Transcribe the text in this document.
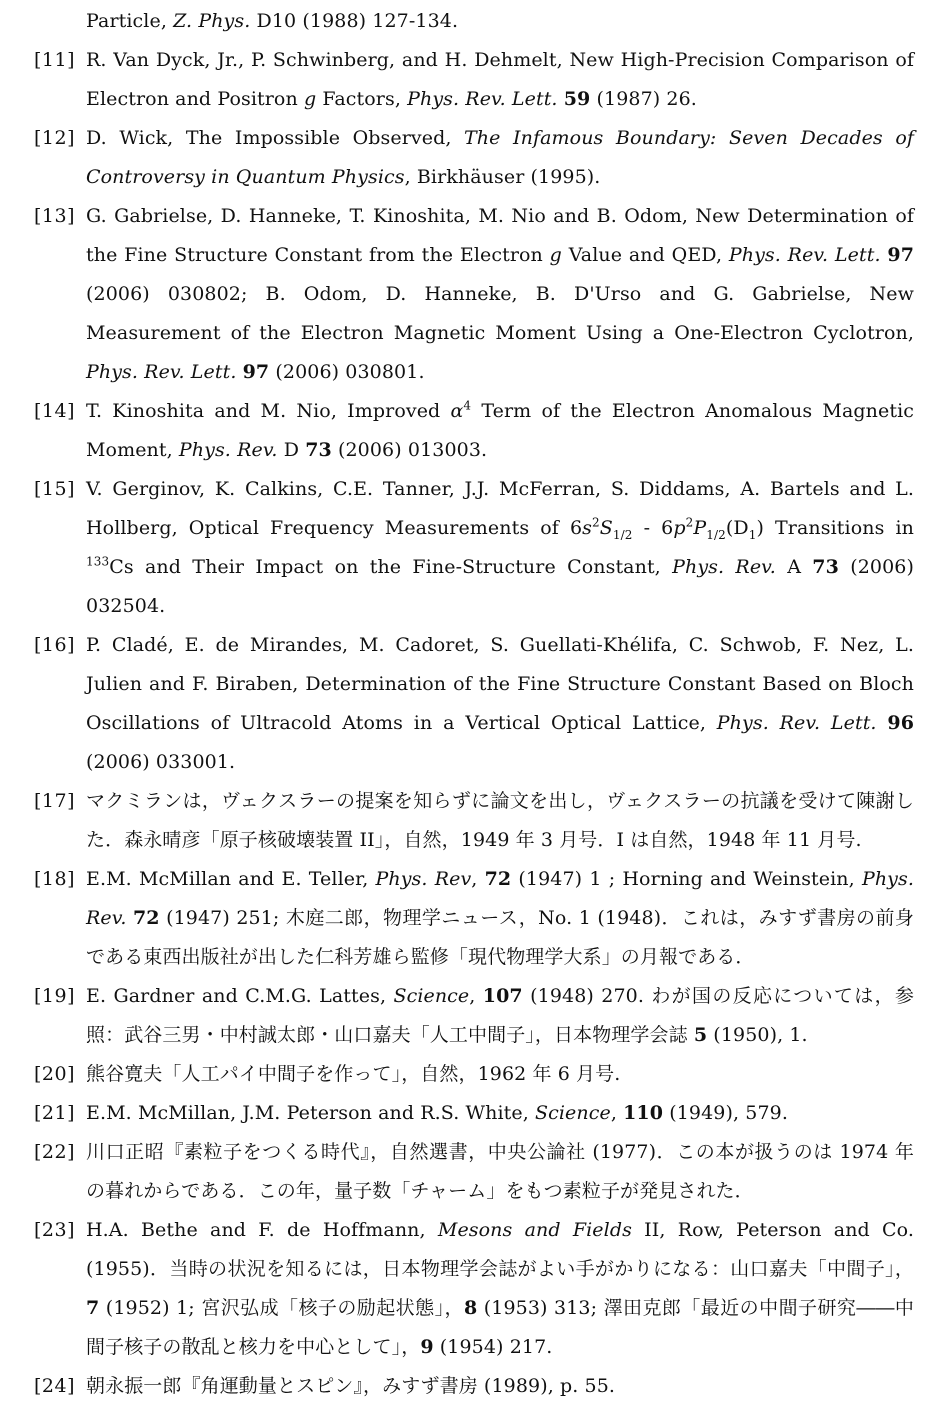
Particle, Z. Phys. D10 (1988) 127-134.
[11] R. Van Dyck, Jr., P. Schwinberg, and H. Dehmelt, New High-Precision Comparison of Electron and Positron g Factors, Phys. Rev. Lett. 59 (1987) 26.
[12] D. Wick, The Impossible Observed, The Infamous Boundary: Seven Decades of Controversy in Quantum Physics, Birkhäuser (1995).
[13] G. Gabrielse, D. Hanneke, T. Kinoshita, M. Nio and B. Odom, New Determination of the Fine Structure Constant from the Electron g Value and QED, Phys. Rev. Lett. 97 (2006) 030802; B. Odom, D. Hanneke, B. D'Urso and G. Gabrielse, New Measurement of the Electron Magnetic Moment Using a One-Electron Cyclotron, Phys. Rev. Lett. 97 (2006) 030801.
[14] T. Kinoshita and M. Nio, Improved $\alpha^4$ Term of the Electron Anomalous Magnetic Moment, Phys. Rev. D 73 (2006) 013003.
[15] V. Gerginov, K. Calkins, C.E. Tanner, J.J. McFerran, S. Diddams, A. Bartels and L. Hollberg, Optical Frequency Measurements of $6s^2S_{1/2} - 6p^2P_{1/2}(D_1)$ Transitions in $^{133}$Cs and Their Impact on the Fine-Structure Constant, Phys. Rev. A 73 (2006) 032504.
[16] P. Cladé, E. de Mirandes, M. Cadoret, S. Guellati-Khélifa, C. Schwob, F. Nez, L. Julien and F. Biraben, Determination of the Fine Structure Constant Based on Bloch Oscillations of Ultracold Atoms in a Vertical Optical Lattice, Phys. Rev. Lett. 96 (2006) 033001.
[17] マクミランは，ヴェクスラーの提案を知らずに論文を出し，ヴェクスラーの抗議を受けて陳謝した．森永晴彦「原子核破壊装置 II」，自然，1949 年 3 月号．I は自然，1948 年 11 月号.
[18] E.M. McMillan and E. Teller, Phys. Rev, 72 (1947) 1 ; Horning and Weinstein, Phys. Rev. 72 (1947) 251; 木庭二郎，物理学ニュース，No. 1 (1948)．これは，みすず書房の前身である東西出版社が出した仁科芳雄ら監修「現代物理学大系」の月報である．
[19] E. Gardner and C.M.G. Lattes, Science, 107 (1948) 270. わが国の反応については，参照：武谷三男・中村誠太郎・山口嘉夫「人工中間子」，日本物理学会誌 5 (1950), 1.
[20] 熊谷寛夫「人工パイ中間子を作って」，自然，1962 年 6 月号.
[21] E.M. McMillan, J.M. Peterson and R.S. White, Science, 110 (1949), 579.
[22] 川口正昭『素粒子をつくる時代』，自然選書，中央公論社 (1977)．この本が扱うのは 1974 年の暮れからである．この年，量子数「チャーム」をもつ素粒子が発見された．
[23] H.A. Bethe and F. de Hoffmann, Mesons and Fields II, Row, Peterson and Co. (1955)．当時の状況を知るには，日本物理学会誌がよい手がかりになる：山口嘉夫「中間子」，7 (1952) 1; 宮沢弘成「核子の励起状態」，8 (1953) 313; 澤田克郎「最近の中間子研究――中間子核子の散乱と核力を中心として」，9 (1954) 217.
[24] 朝永振一郎『角運動量とスピン』，みすず書房 (1989), p. 55.
